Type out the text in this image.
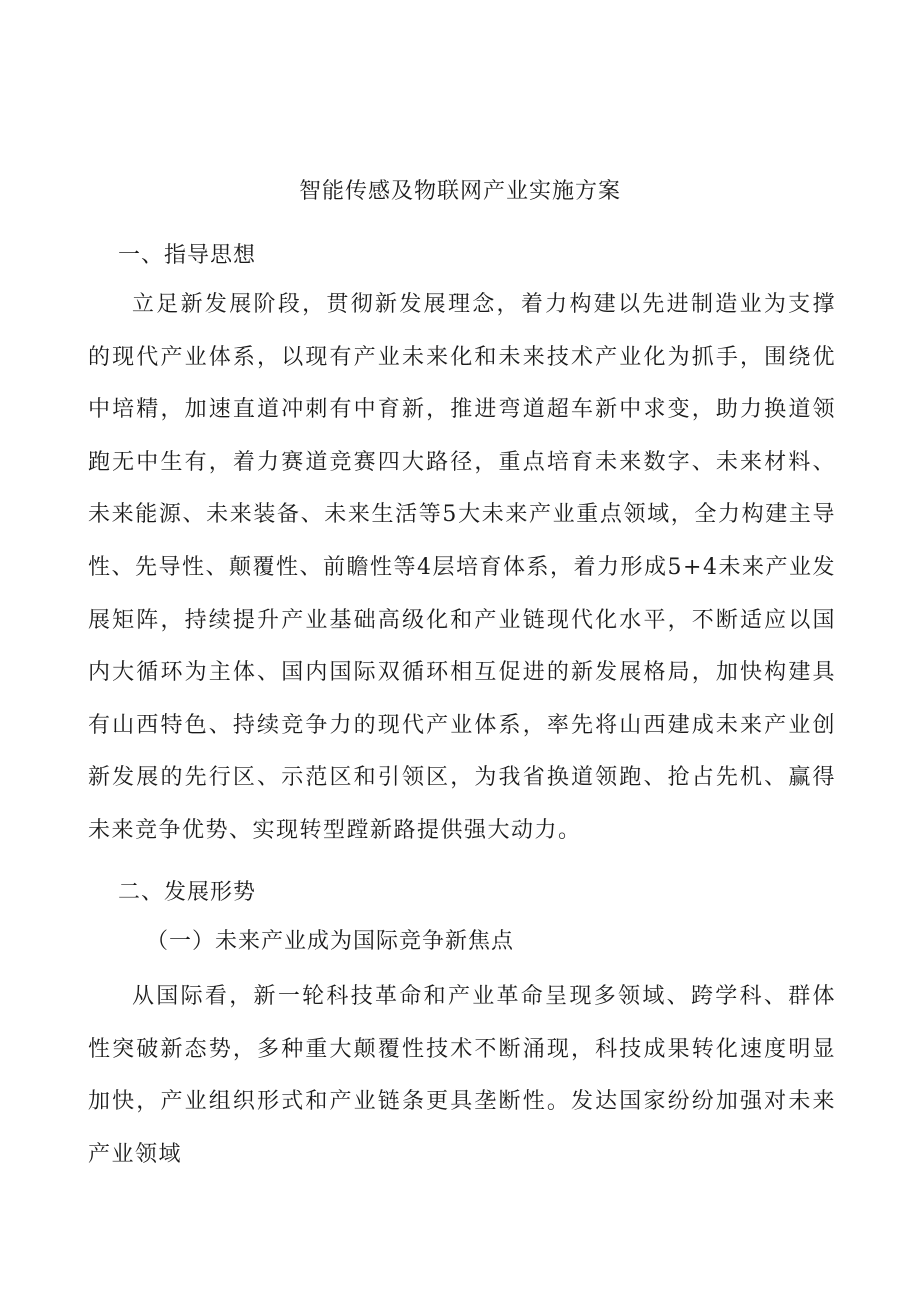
智能传感及物联网产业实施方案
一、指导思想

立足新发展阶段，贯彻新发展理念，着力构建以先进制造业为支撑的现代产业体系，以现有产业未来化和未来技术产业化为抓手，围绕优中培精，加速直道冲刺有中育新，推进弯道超车新中求变，助力换道领跑无中生有，着力赛道竞赛四大路径，重点培育未来数字、未来材料、未来能源、未来装备、未来生活等5大未来产业重点领域，全力构建主导性、先导性、颠覆性、前瞻性等4层培育体系，着力形成5+4未来产业发展矩阵，持续提升产业基础高级化和产业链现代化水平，不断适应以国内大循环为主体、国内国际双循环相互促进的新发展格局，加快构建具有山西特色、持续竞争力的现代产业体系，率先将山西建成未来产业创新发展的先行区、示范区和引领区，为我省换道领跑、抢占先机、赢得未来竞争优势、实现转型蹚新路提供强大动力。

二、发展形势
（一）未来产业成为国际竞争新焦点

从国际看，新一轮科技革命和产业革命呈现多领域、跨学科、群体性突破新态势，多种重大颠覆性技术不断涌现，科技成果转化速度明显加快，产业组织形式和产业链条更具垄断性。发达国家纷纷加强对未来产业领域
